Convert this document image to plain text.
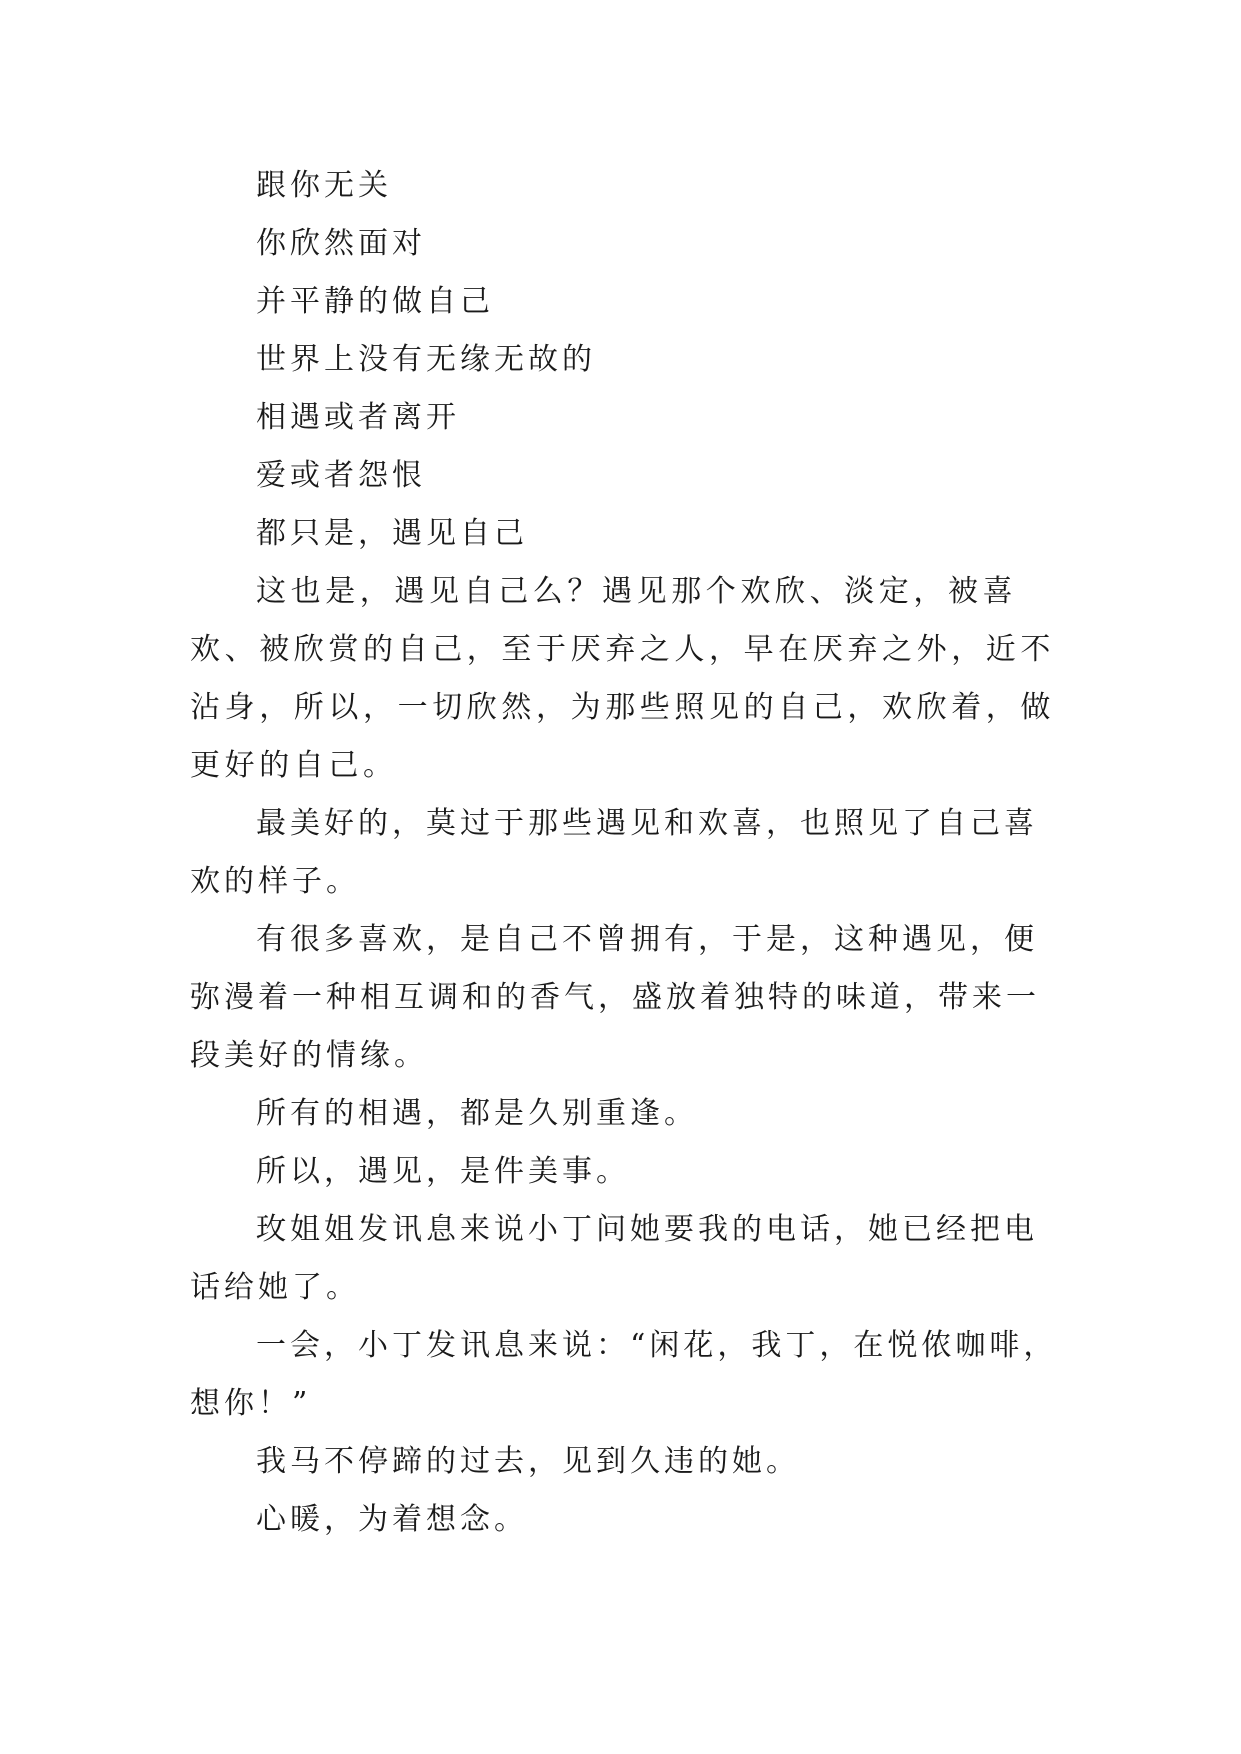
跟你无关

你欣然面对

并平静的做自己

世界上没有无缘无故的

相遇或者离开

爱或者怨恨

都只是，遇见自己

这也是，遇见自己么？遇见那个欢欣、淡定，被喜欢、被欣赏的自己，至于厌弃之人，早在厌弃之外，近不沾身，所以，一切欣然，为那些照见的自己，欢欣着，做更好的自己。

最美好的，莫过于那些遇见和欢喜，也照见了自己喜欢的样子。

有很多喜欢，是自己不曾拥有，于是，这种遇见，便弥漫着一种相互调和的香气，盛放着独特的味道，带来一段美好的情缘。

所有的相遇，都是久别重逢。

所以，遇见，是件美事。

玫姐姐发讯息来说小丁问她要我的电话，她已经把电话给她了。

一会，小丁发讯息来说：“闲花，我丁，在悦侬咖啡，想你！”

我马不停蹄的过去，见到久违的她。

心暖，为着想念。
